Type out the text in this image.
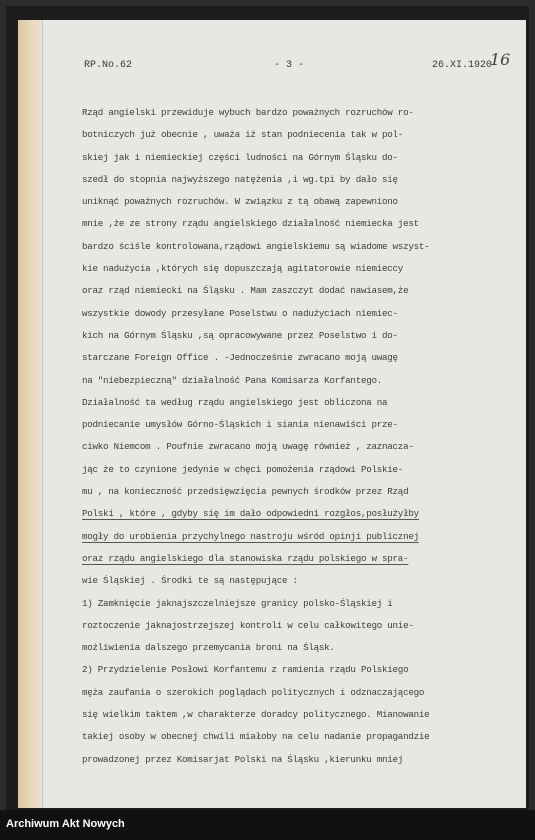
RP.No.62	- 3 -	26.XI.1920
16
Rząd angielski przewiduje wybuch bardzo poważnych rozruchów ro-
botniczych już obecnie , uważa iż stan podniecenia tak w pol-
skiej jak i niemieckiej części ludności na Górnym Śląsku do-
szedł do stopnia najwyższego natężenia ,i wg.tpi by dało się
uniknąć poważnych rozruchów. W związku z tą obawą zapewniono
mnie ,że ze strony rządu angielskiego działalność niemiecka jest
bardzo ściśle kontrolowana,rządowi angielskiemu są wiadome wszyst-
kie nadużycia ,których się dopuszczają agitatorowie niemieccy
oraz rząd niemiecki na Śląsku . Mam zaszczyt dodać nawiasem,że
wszystkie dowody przesyłane Poselstwu o nadużyciach niemiec-
kich na Górnym Śląsku ,są opracowywane przez Poselstwo i do-
starczane Foreign Office . -Jednocześnie zwracano moją uwagę
na "niebezpieczną" działalność Pana Komisarza Korfantego.
Działalność ta według rządu angielskiego jest obliczona na
podniecanie umysłów Górno-Śląskich i siania nienawiści prze-
ciwko Niemcom . Poufnie zwracano moją uwagę również , zaznacza-
jąc że to czynione jedynie w chęci pomożenia rządowi Polskie-
mu , na konieczność przedsięwzięcia pewnych środków przez Rząd
Polski , które , gdyby się im dało odpowiedni rozgłos,posłużyłby
mogły do urobienia przychylnego nastroju wśród opinji publicznej
oraz rządu angielskiego dla stanowiska rządu polskiego w spra-
wie Śląskiej . Środki te są następujące :
1) Zamknięcie jaknajszczelniejsze granicy polsko-Śląskiej i
roztoczenie jaknajostrzejszej kontroli w celu całkowitego unie-
możliwienia dalszego przemycania broni na Śląsk.
2) Przydzielenie Posłowi Korfantemu z ramienia rządu Polskiego
męża zaufania o szerokich poglądach politycznych i odznaczającego
się wielkim taktem ,w charakterze doradcy politycznego. Mianowanie
takiej osoby w obecnej chwili miałoby na celu nadanie propagandzie
prowadzonej przez Komisarjat Polski na Śląsku ,kierunku mniej
Archiwum Akt Nowych
